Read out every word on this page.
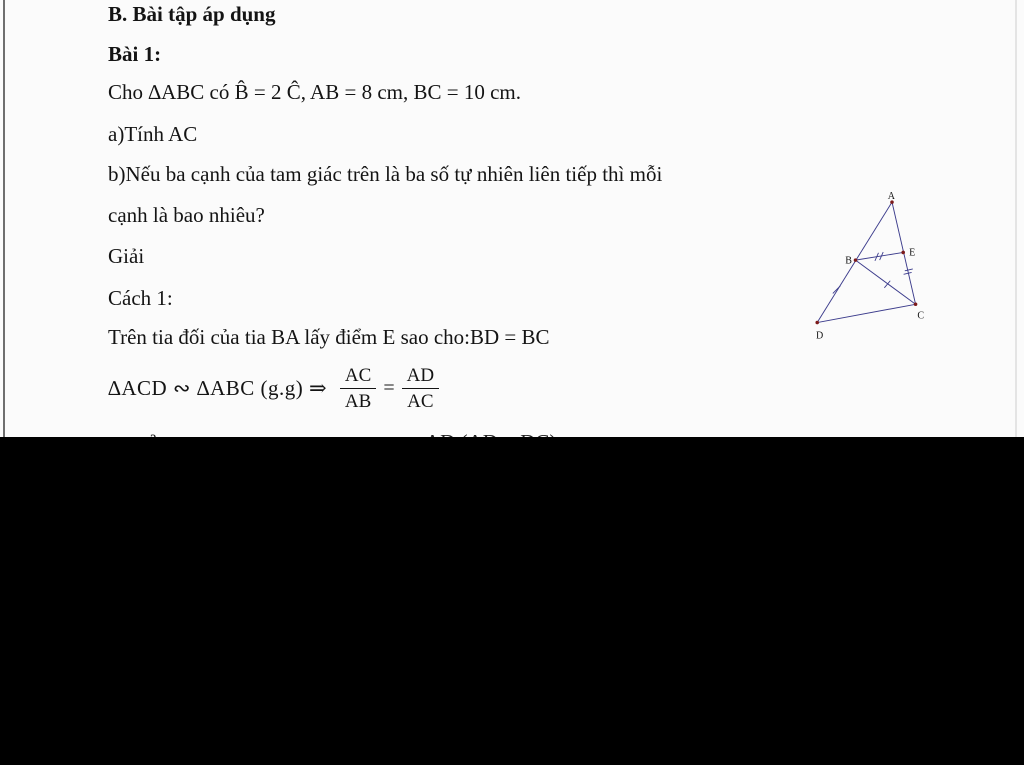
B. Bài tập áp dụng
Bài 1:
Cho ∆ABC có B̂ = 2 Ĉ, AB = 8 cm, BC = 10 cm.
a)Tính AC
b)Nếu ba cạnh của tam giác trên là ba số tự nhiên liên tiếp thì mỗi
cạnh là bao nhiêu?
Giải
Cách 1:
Trên tia đối của tia BA lấy điểm E sao cho:BD = BC
∆ACD ∾ ∆ABC (g.g) ⇒ $\frac{AC}{AB} = \frac{AD}{AC}$
A
B
E
C
D
